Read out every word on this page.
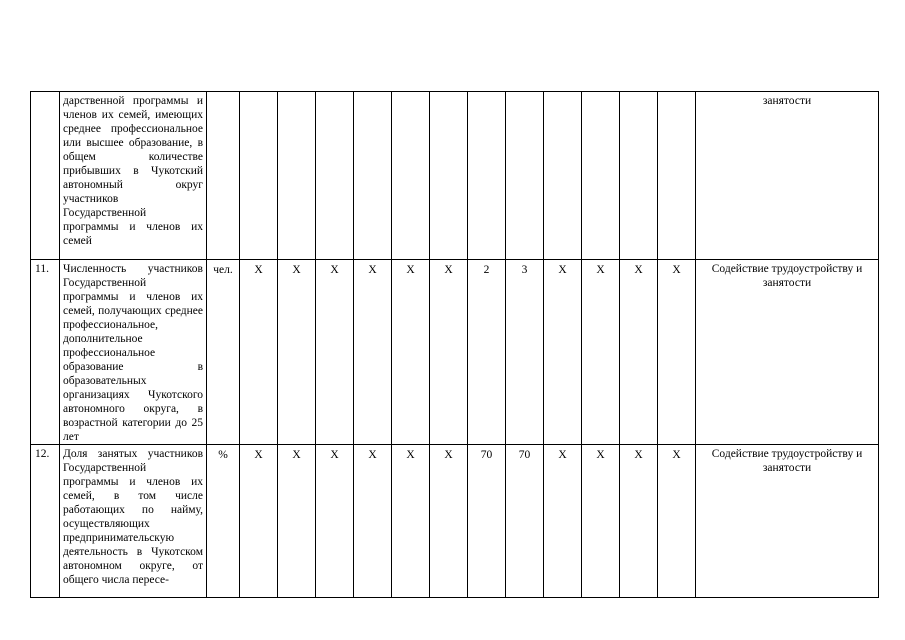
	дарственной программы и членов их семей, имеющих среднее профессиональное или высшее образование, в общем количестве прибывших в Чукотский автономный округ участников Государственной программы и членов их семей														занятости

11.	Численность участников Государственной программы и членов их семей, получающих среднее профессиональное, дополнительное профессиональное образование в образовательных организациях Чукотского автономного округа, в возрастной категории до 25 лет	чел.	X	X	X	X	X	X	2	3	X	X	X	X	Содействие трудоустройству и занятости

12.	Доля занятых участников Государственной программы и членов их семей, в том числе работающих по найму, осуществляющих предпринимательскую деятельность в Чукотском автономном округе, от общего числа пересе-	%	X	X	X	X	X	X	70	70	X	X	X	X	Содействие трудоустройству и занятости
